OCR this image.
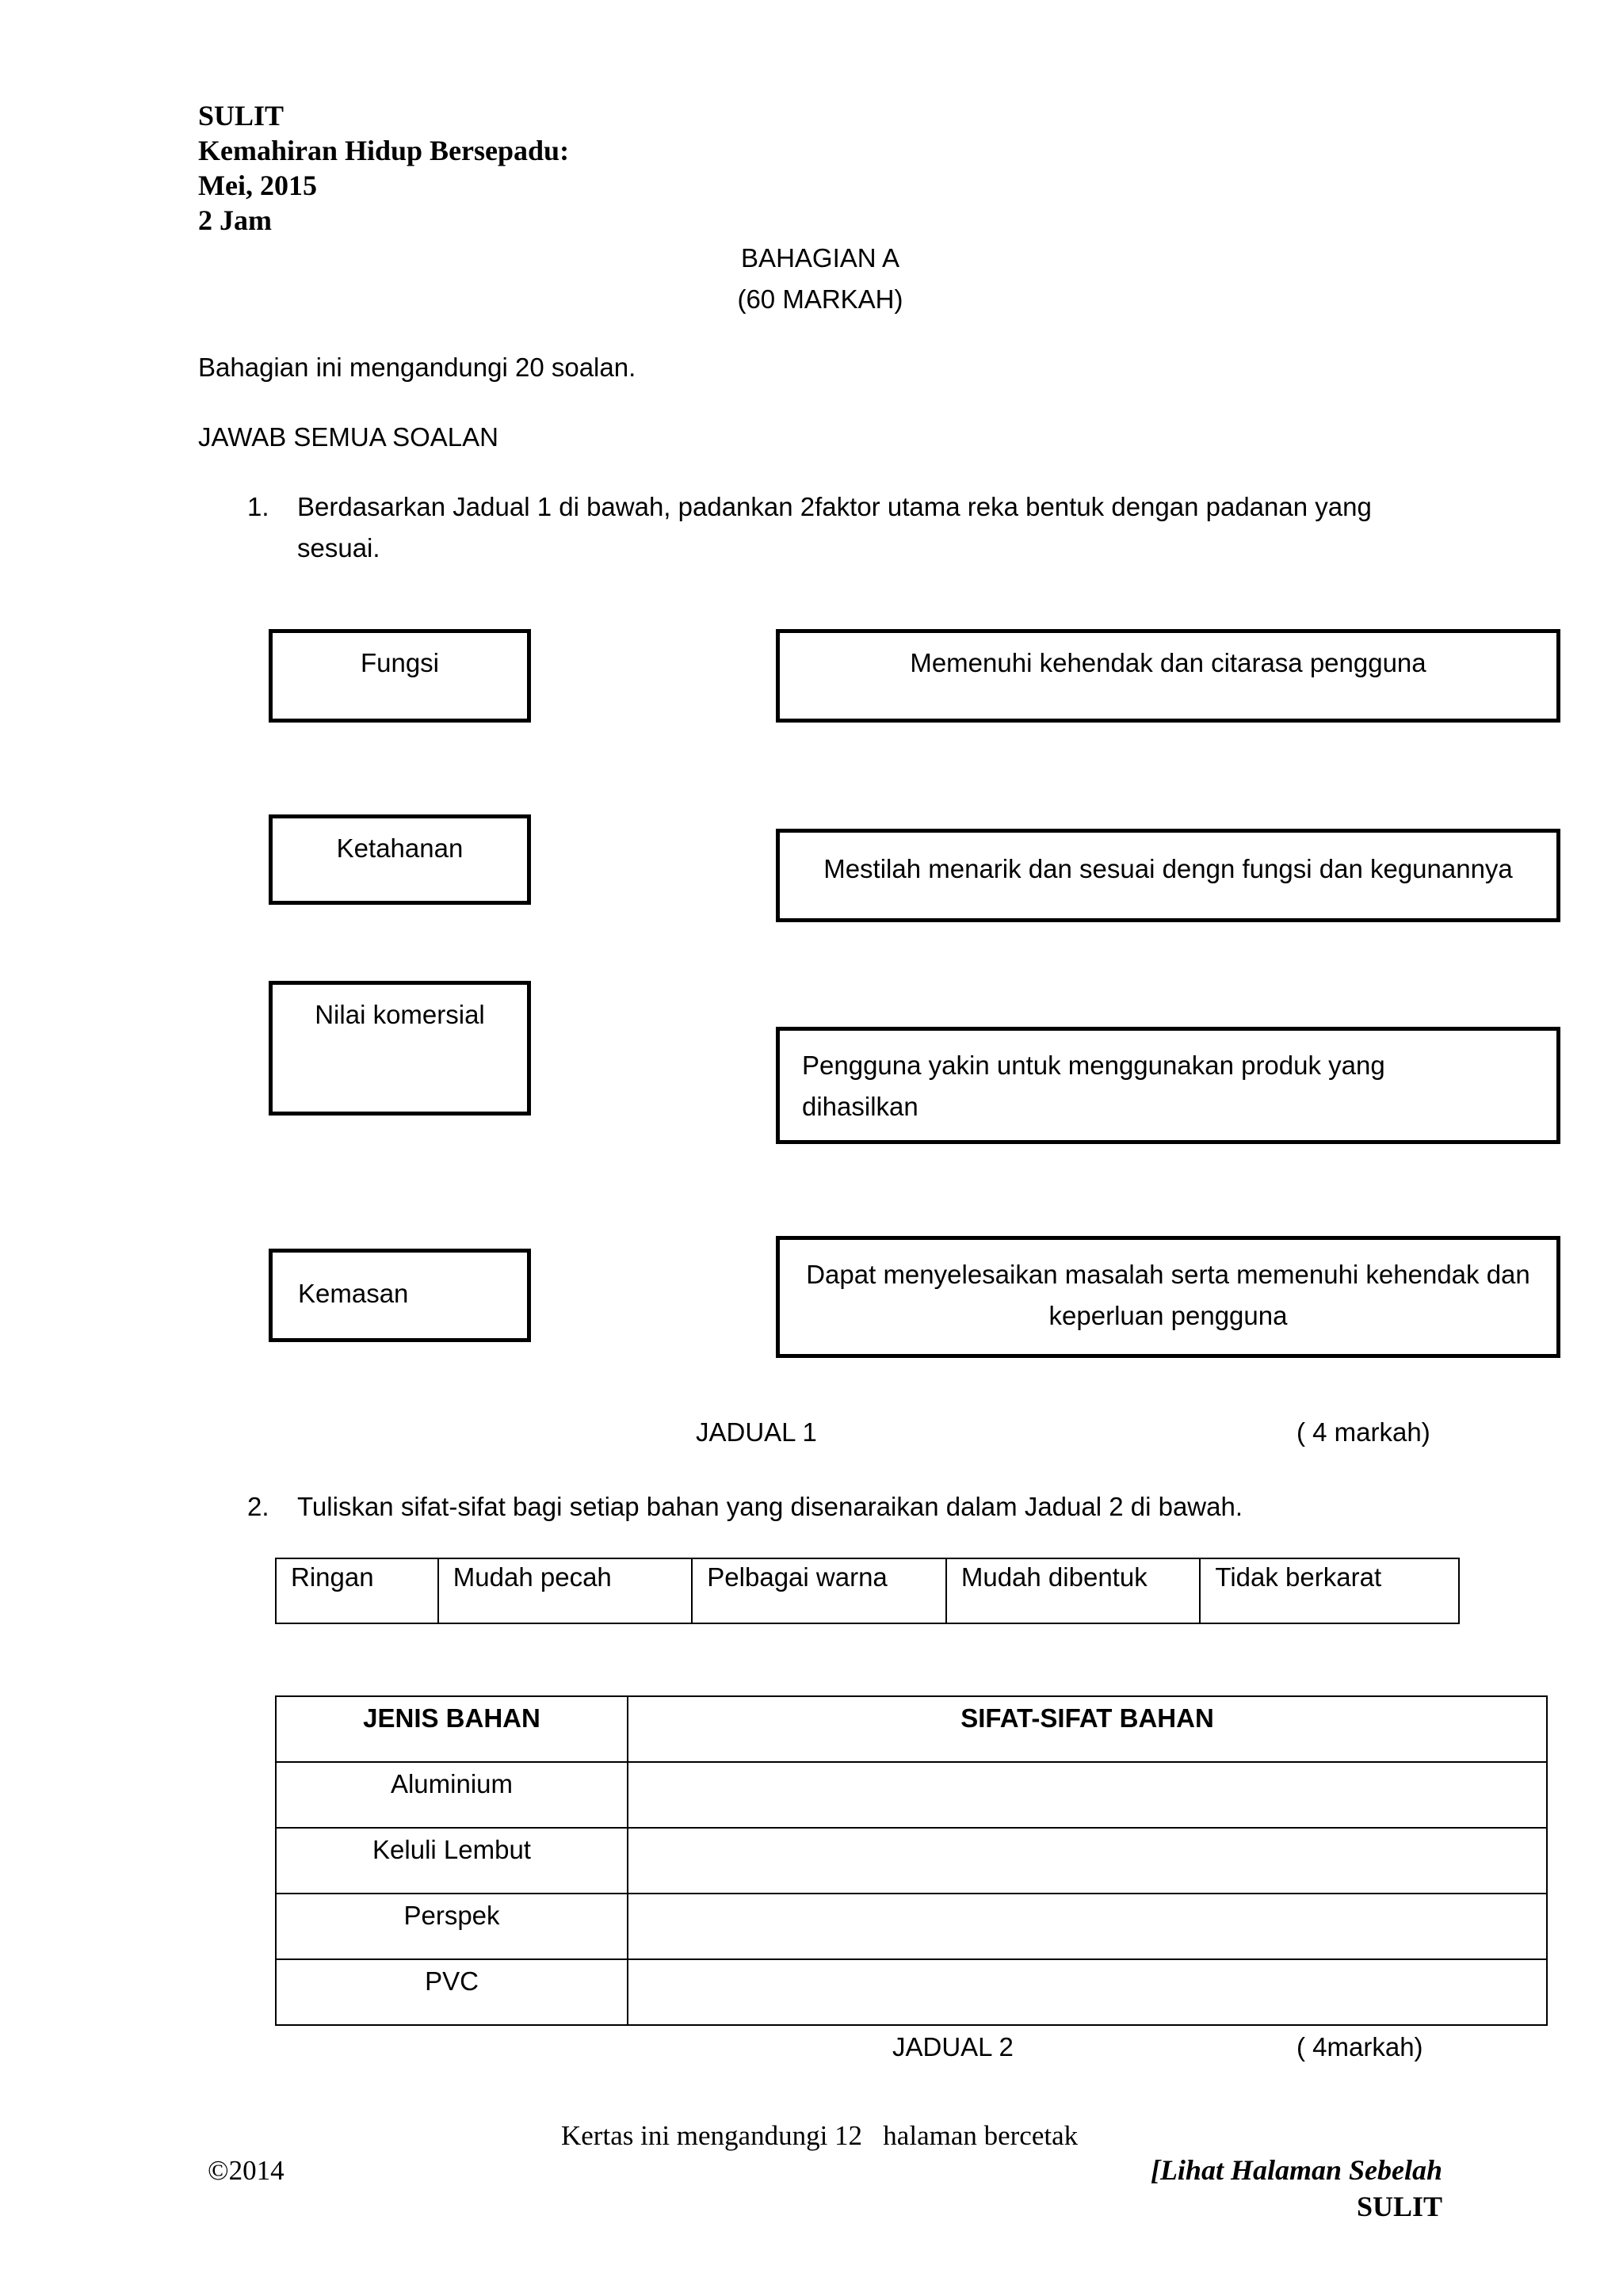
SULIT
Kemahiran Hidup Bersepadu:
Mei, 2015
2 Jam
BAHAGIAN A
(60 MARKAH)
Bahagian ini mengandungi 20 soalan.
JAWAB SEMUA SOALAN
1. Berdasarkan Jadual 1 di bawah, padankan 2faktor utama reka bentuk dengan padanan yang
sesuai.
Fungsi
Ketahanan
Nilai komersial
Kemasan
Memenuhi kehendak dan citarasa pengguna
Mestilah menarik dan sesuai dengn fungsi dan kegunannya
Pengguna yakin untuk menggunakan produk yang dihasilkan
Dapat menyelesaikan masalah serta memenuhi kehendak dan keperluan pengguna
JADUAL 1	( 4 markah)
2. Tuliskan sifat-sifat bagi setiap bahan yang disenaraikan dalam Jadual 2 di bawah.
Ringan	Mudah pecah	Pelbagai warna	Mudah dibentuk	Tidak berkarat
JENIS BAHAN	SIFAT-SIFAT BAHAN
Aluminium	
Keluli Lembut	
Perspek	
PVC	
JADUAL 2	( 4markah)
Kertas ini mengandungi 12   halaman bercetak
©2014	[Lihat Halaman Sebelah
SULIT
